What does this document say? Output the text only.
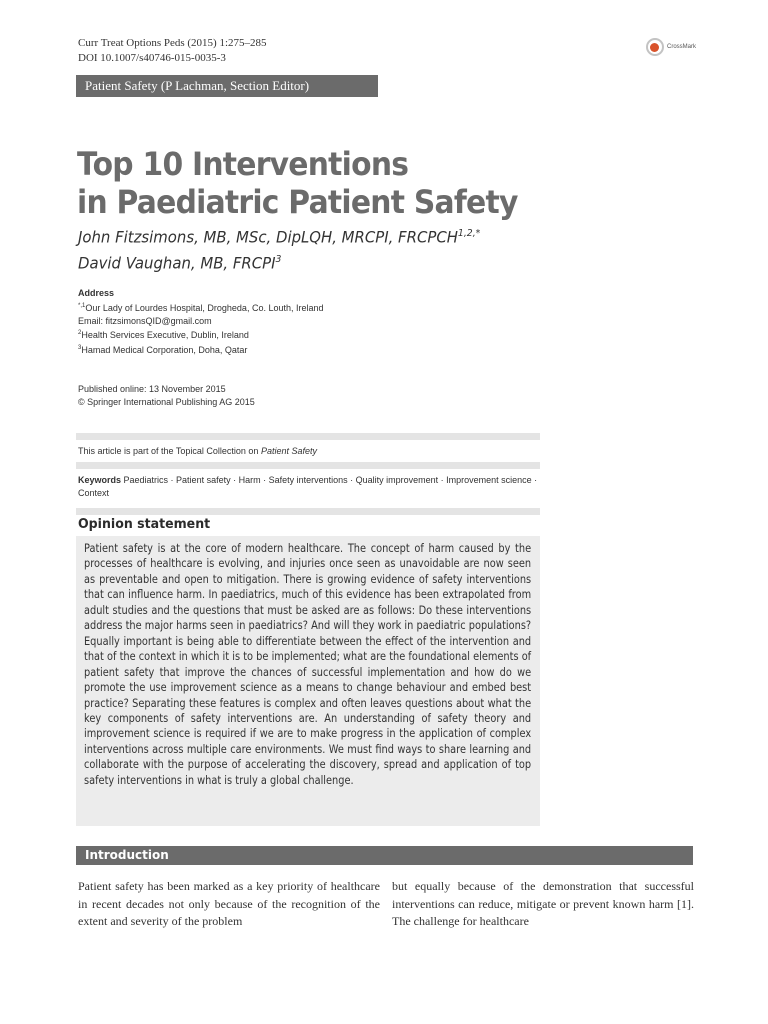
Curr Treat Options Peds (2015) 1:275–285
DOI 10.1007/s40746-015-0035-3
CrossMark
Patient Safety (P Lachman, Section Editor)
Top 10 Interventions
in Paediatric Patient Safety
John Fitzsimons, MB, MSc, DipLQH, MRCPI, $FRCPCH^{1,2,*}$
David Vaughan, MB, FRCPI$^3$
Address
$^{*,1}$Our Lady of Lourdes Hospital, Drogheda, Co. Louth, Ireland
Email: fitzsimonsQID@gmail.com
$^2$Health Services Executive, Dublin, Ireland
$^3$Hamad Medical Corporation, Doha, Qatar
Published online: 13 November 2015
© Springer International Publishing AG 2015
This article is part of the Topical Collection on Patient Safety
Keywords Paediatrics · Patient safety · Harm · Safety interventions · Quality improvement · Improvement science · Context
Opinion statement

Patient safety is at the core of modern healthcare. The concept of harm caused by the processes of healthcare is evolving, and injuries once seen as unavoidable are now seen as preventable and open to mitigation. There is growing evidence of safety interventions that can influence harm. In paediatrics, much of this evidence has been extrapolated from adult studies and the questions that must be asked are as follows: Do these interventions address the major harms seen in paediatrics? And will they work in paediatric populations? Equally important is being able to differentiate between the effect of the intervention and that of the context in which it is to be implemented; what are the foundational elements of patient safety that improve the chances of successful implementation and how do we promote the use improvement science as a means to change behaviour and embed best practice? Separating these features is complex and often leaves questions about what the key components of safety interventions are. An understanding of safety theory and improvement science is required if we are to make progress in the application of complex interventions across multiple care environments. We must find ways to share learning and collaborate with the purpose of accelerating the discovery, spread and application of top safety interventions in what is truly a global challenge.

Introduction

Patient safety has been marked as a key priority of healthcare in recent decades not only because of the recognition of the extent and severity of the problem

but equally because of the demonstration that successful interventions can reduce, mitigate or prevent known harm [1]. The challenge for healthcare
